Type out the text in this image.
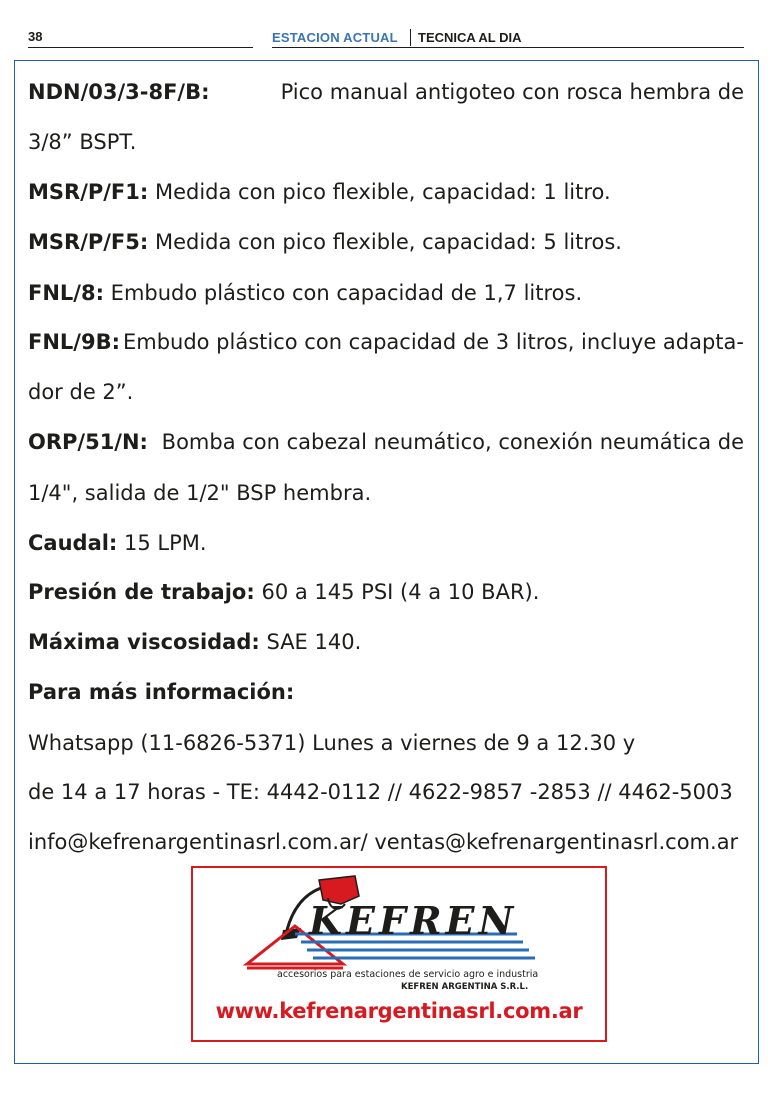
38	ESTACION ACTUAL TECNICA AL DIA
NDN/03/3-8F/B:	Pico manual antigoteo con rosca hembra de
3/8” BSPT.
MSR/P/F1: Medida con pico flexible, capacidad: 1 litro.
MSR/P/F5: Medida con pico flexible, capacidad: 5 litros.
FNL/8: Embudo plástico con capacidad de 1,7 litros.
FNL/9B: Embudo plástico con capacidad de 3 litros, incluye adapta-
dor de 2”.
ORP/51/N: Bomba con cabezal neumático, conexión neumática de
1/4", salida de 1/2" BSP hembra.
Caudal: 15 LPM.
Presión de trabajo: 60 a 145 PSI (4 a 10 BAR).
Máxima viscosidad: SAE 140.
Para más información:
Whatsapp (11-6826-5371) Lunes a viernes de 9 a 12.30 y
de 14 a 17 horas - TE: 4442-0112 // 4622-9857 -2853 // 4462-5003
info@kefrenargentinasrl.com.ar/ ventas@kefrenargentinasrl.com.ar
KEFREN
accesorios para estaciones de servicio agro e industria
KEFREN ARGENTINA S.R.L.
www.kefrenargentinasrl.com.ar
